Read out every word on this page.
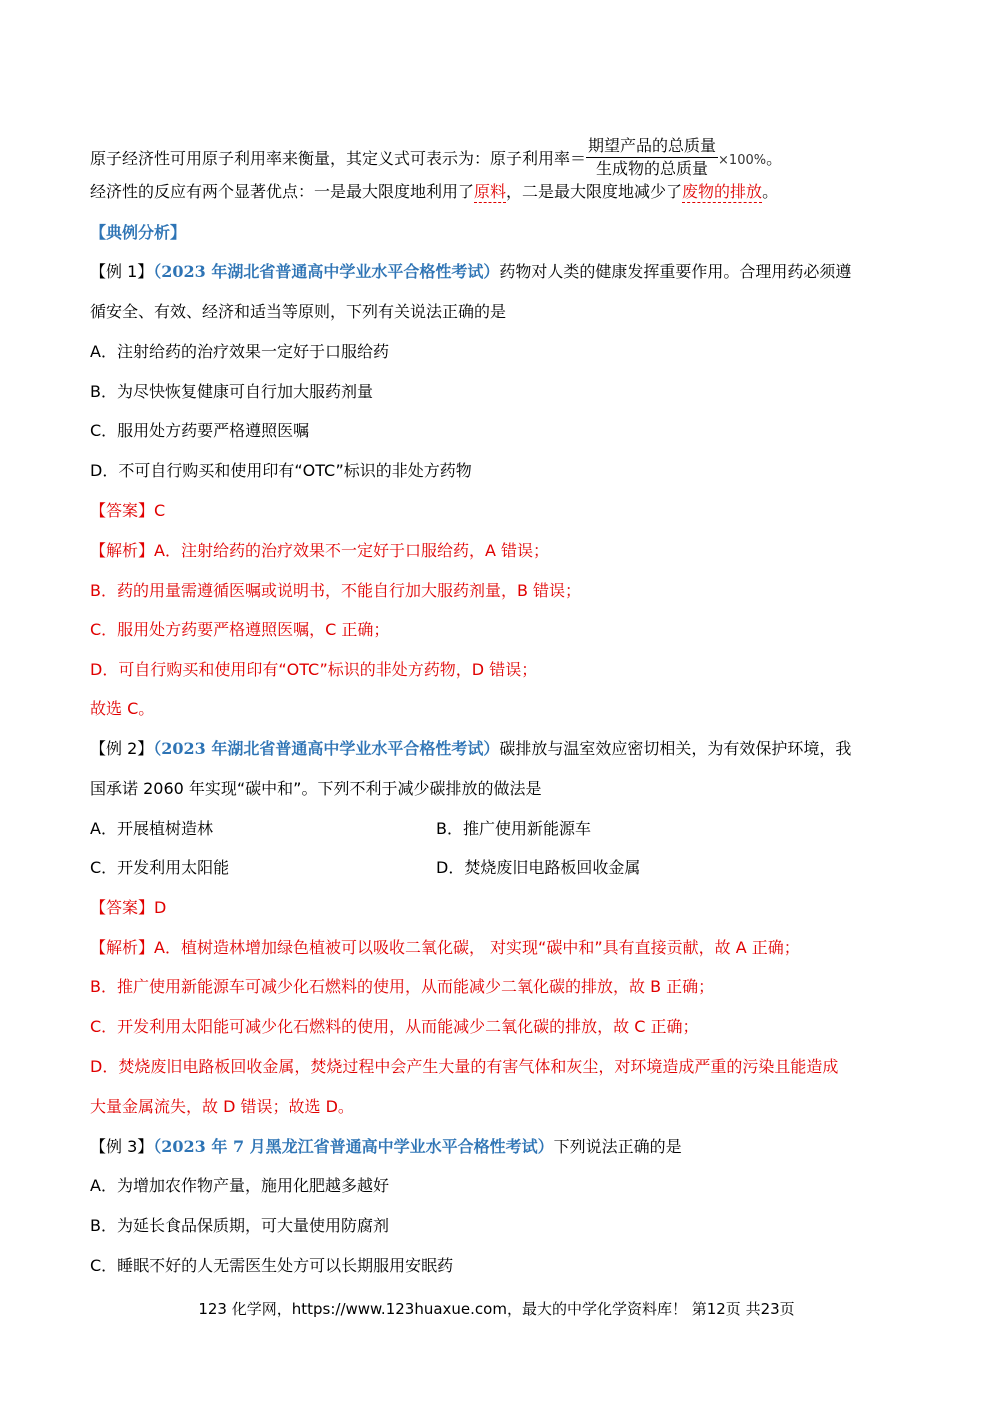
原子经济性可用原子利用率来衡量，其定义式可表示为：原子利用率＝ $\frac{\text{期望产品的总质量}}{\text{生成物的总质量}} \times 100\%$。
经济性的反应有两个显著优点：一是最大限度地利用了原料，二是最大限度地减少了废物的排放。
【典例分析】
【例 1】（2023 年湖北省普通高中学业水平合格性考试）药物对人类的健康发挥重要作用。合理用药必须遵
循安全、有效、经济和适当等原则，下列有关说法正确的是
A．注射给药的治疗效果一定好于口服给药
B．为尽快恢复健康可自行加大服药剂量
C．服用处方药要严格遵照医嘱
D．不可自行购买和使用印有“OTC”标识的非处方药物
【答案】C
【解析】A．注射给药的治疗效果不一定好于口服给药，A 错误；
B．药的用量需遵循医嘱或说明书，不能自行加大服药剂量，B 错误；
C．服用处方药要严格遵照医嘱，C 正确；
D．可自行购买和使用印有“OTC”标识的非处方药物，D 错误；
故选 C。
【例 2】（2023 年湖北省普通高中学业水平合格性考试）碳排放与温室效应密切相关，为有效保护环境，我
国承诺 2060 年实现“碳中和”。下列不利于减少碳排放的做法是
A．开展植树造林	B．推广使用新能源车
C．开发利用太阳能	D．焚烧废旧电路板回收金属
【答案】D
【解析】A．植树造林增加绿色植被可以吸收二氧化碳， 对实现“碳中和”具有直接贡献，故 A 正确；
B．推广使用新能源车可减少化石燃料的使用，从而能减少二氧化碳的排放，故 B 正确；
C．开发利用太阳能可减少化石燃料的使用，从而能减少二氧化碳的排放，故 C 正确；
D．焚烧废旧电路板回收金属，焚烧过程中会产生大量的有害气体和灰尘，对环境造成严重的污染且能造成
大量金属流失，故 D 错误；故选 D。
【例 3】（2023 年 7 月黑龙江省普通高中学业水平合格性考试）下列说法正确的是
A．为增加农作物产量，施用化肥越多越好
B．为延长食品保质期，可大量使用防腐剂
C．睡眠不好的人无需医生处方可以长期服用安眠药
123 化学网，https://www.123huaxue.com，最大的中学化学资料库！ 第12页 共23页
